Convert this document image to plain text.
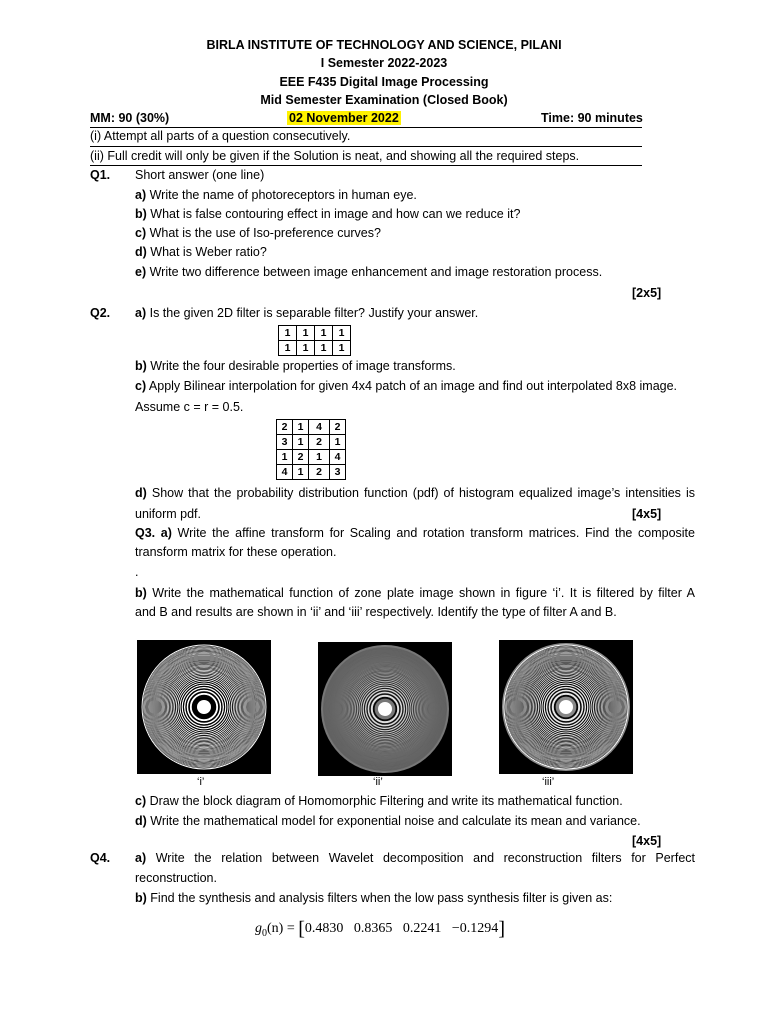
BIRLA INSTITUTE OF TECHNOLOGY AND SCIENCE, PILANI
I Semester 2022-2023
EEE F435 Digital Image Processing
Mid Semester Examination (Closed Book)
MM: 90 (30%)	02 November 2022	Time: 90 minutes
(i) Attempt all parts of a question consecutively.
(ii) Full credit will only be given if the Solution is neat, and showing all the required steps.
Q1. Short answer (one line)
a) Write the name of photoreceptors in human eye.
b) What is false contouring effect in image and how can we reduce it?
c) What is the use of Iso-preference curves?
d) What is Weber ratio?
e) Write two difference between image enhancement and image restoration process.
[2x5]
Q2. a) Is the given 2D filter is separable filter? Justify your answer.
1	1	1	1
1	1	1	1
b) Write the four desirable properties of image transforms.
c) Apply Bilinear interpolation for given 4x4 patch of an image and find out interpolated 8x8 image.
Assume c = r = 0.5.
2	1	4	2
3	1	2	1
1	2	1	4
4	1	2	3
d) Show that the probability distribution function (pdf) of histogram equalized image’s intensities is
uniform pdf.	[4x5]
Q3. a) Write the affine transform for Scaling and rotation transform matrices. Find the composite
transform matrix for these operation.
.
b) Write the mathematical function of zone plate image shown in figure ‘i’. It is filtered by filter A
and B and results are shown in ‘ii’ and ‘iii’ respectively. Identify the type of filter A and B.
‘i’	‘ii’	‘iii’
c) Draw the block diagram of Homomorphic Filtering and write its mathematical function.
d) Write the mathematical model for exponential noise and calculate its mean and variance.
[4x5]
Q4. a) Write the relation between Wavelet decomposition and reconstruction filters for Perfect
reconstruction.
b) Find the synthesis and analysis filters when the low pass synthesis filter is given as:
$g_0(n) = [0.4830$ 0.8365 0.2241 −0.1294]
